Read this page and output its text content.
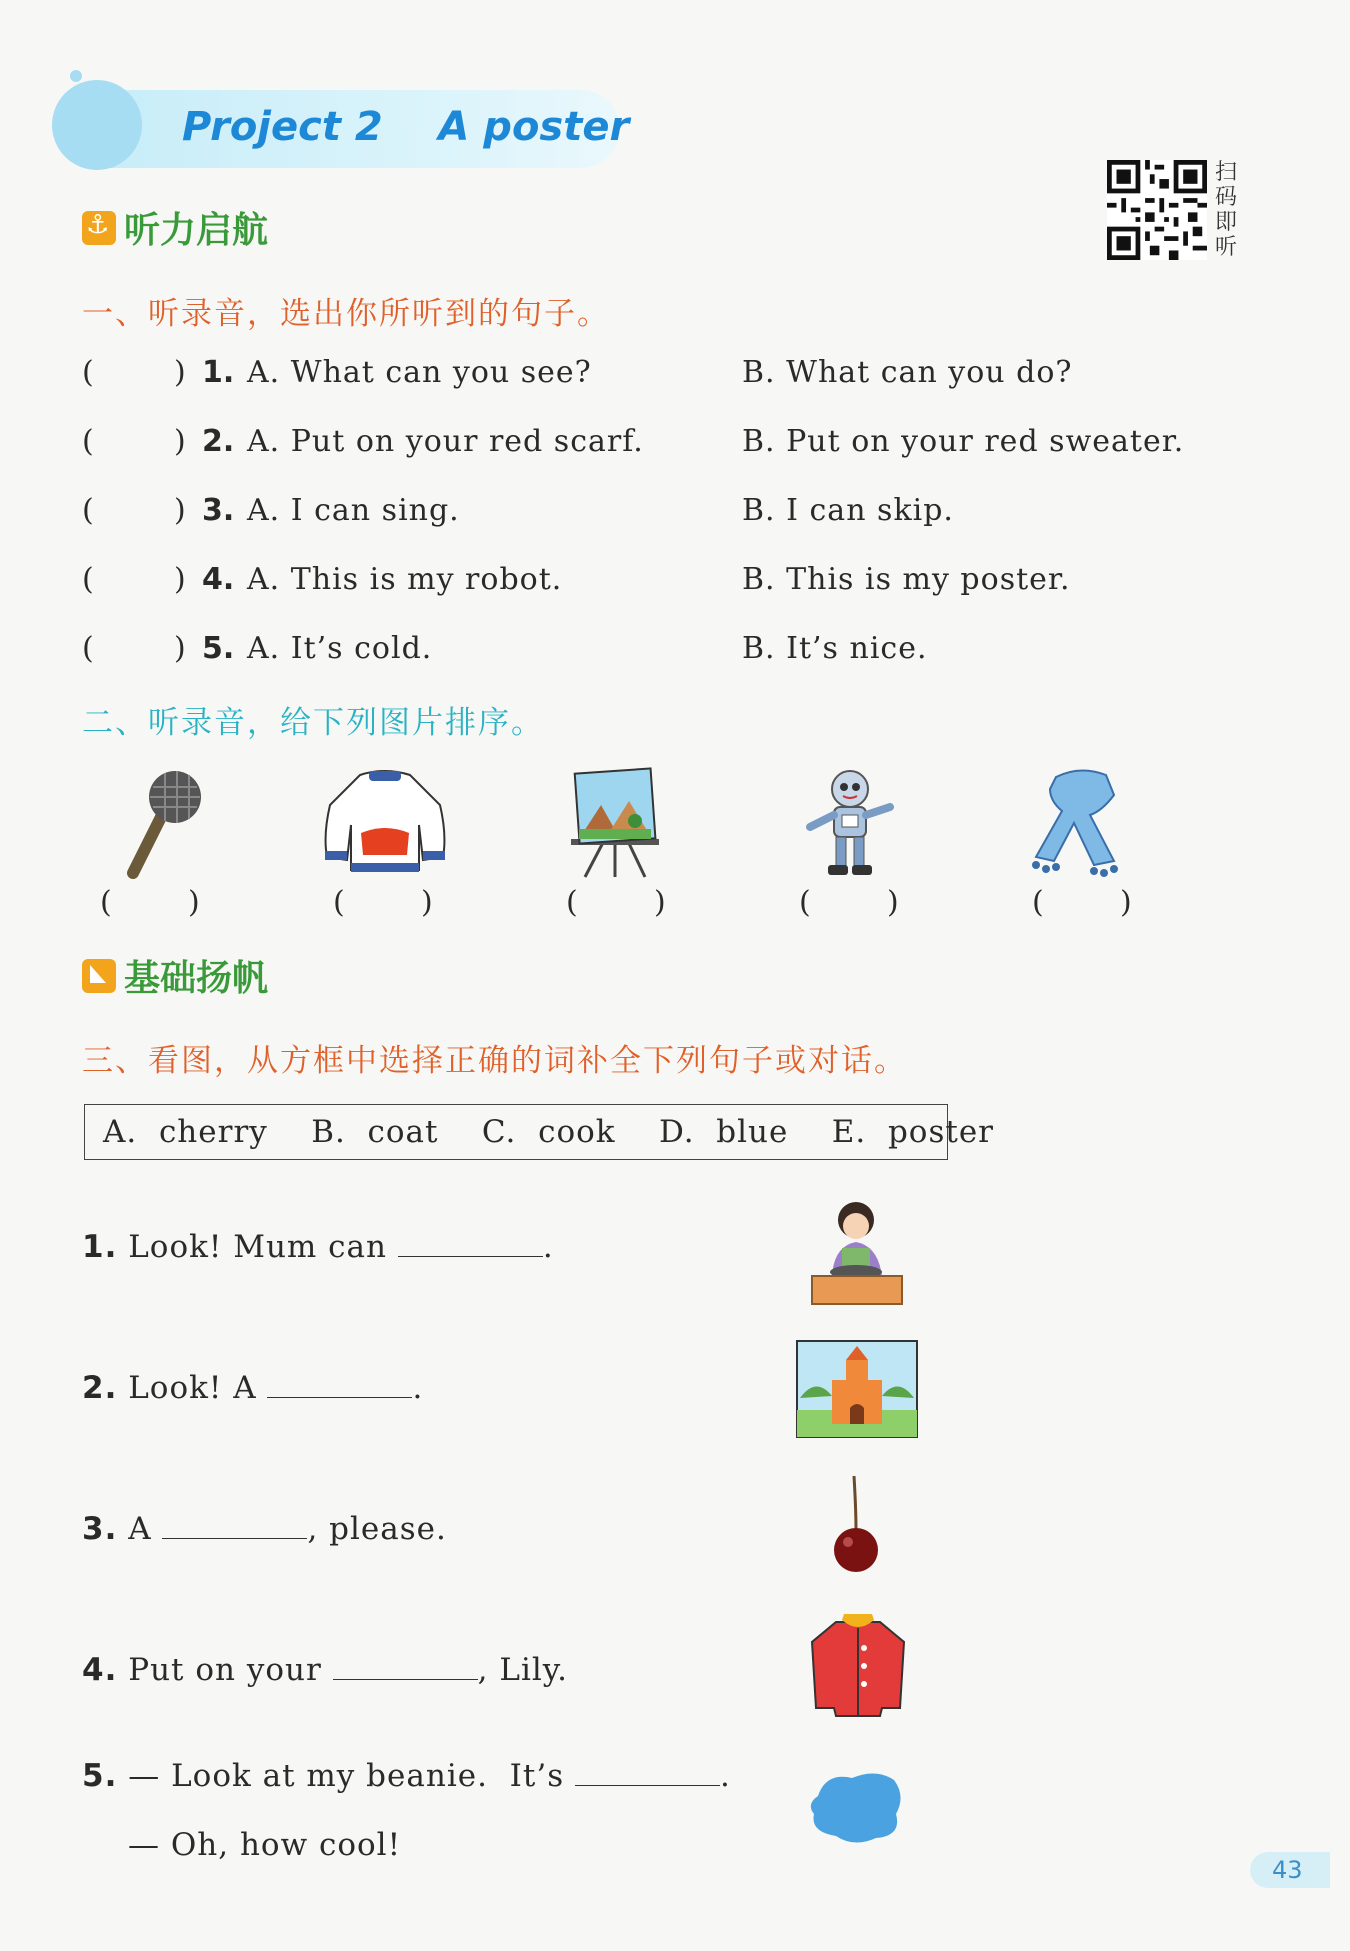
Project 2    A poster
扫
码
即
听
⚓
听力启航
一、听录音，选出你所听到的句子。
(	) 1. A. What can you see?	B. What can you do?
(	) 2. A. Put on your red scarf.	B. Put on your red sweater.
(	) 3. A. I can sing.	B. I can skip.
(	) 4. A. This is my robot.	B. This is my poster.
(	) 5. A. It’s cold.	B. It’s nice.
二、听录音，给下列图片排序。
(	)	(	)	(	)	(	)	(	)
基础扬帆
三、看图，从方框中选择正确的词补全下列句子或对话。
A.  cherry    B.  coat    C.  cook    D.  blue    E.  poster
1. Look! Mum can	.
2. Look! A	.
3. A	, please.
4. Put on your	, Lily.
5. — Look at my beanie.  It’s	.
— Oh, how cool!
43
